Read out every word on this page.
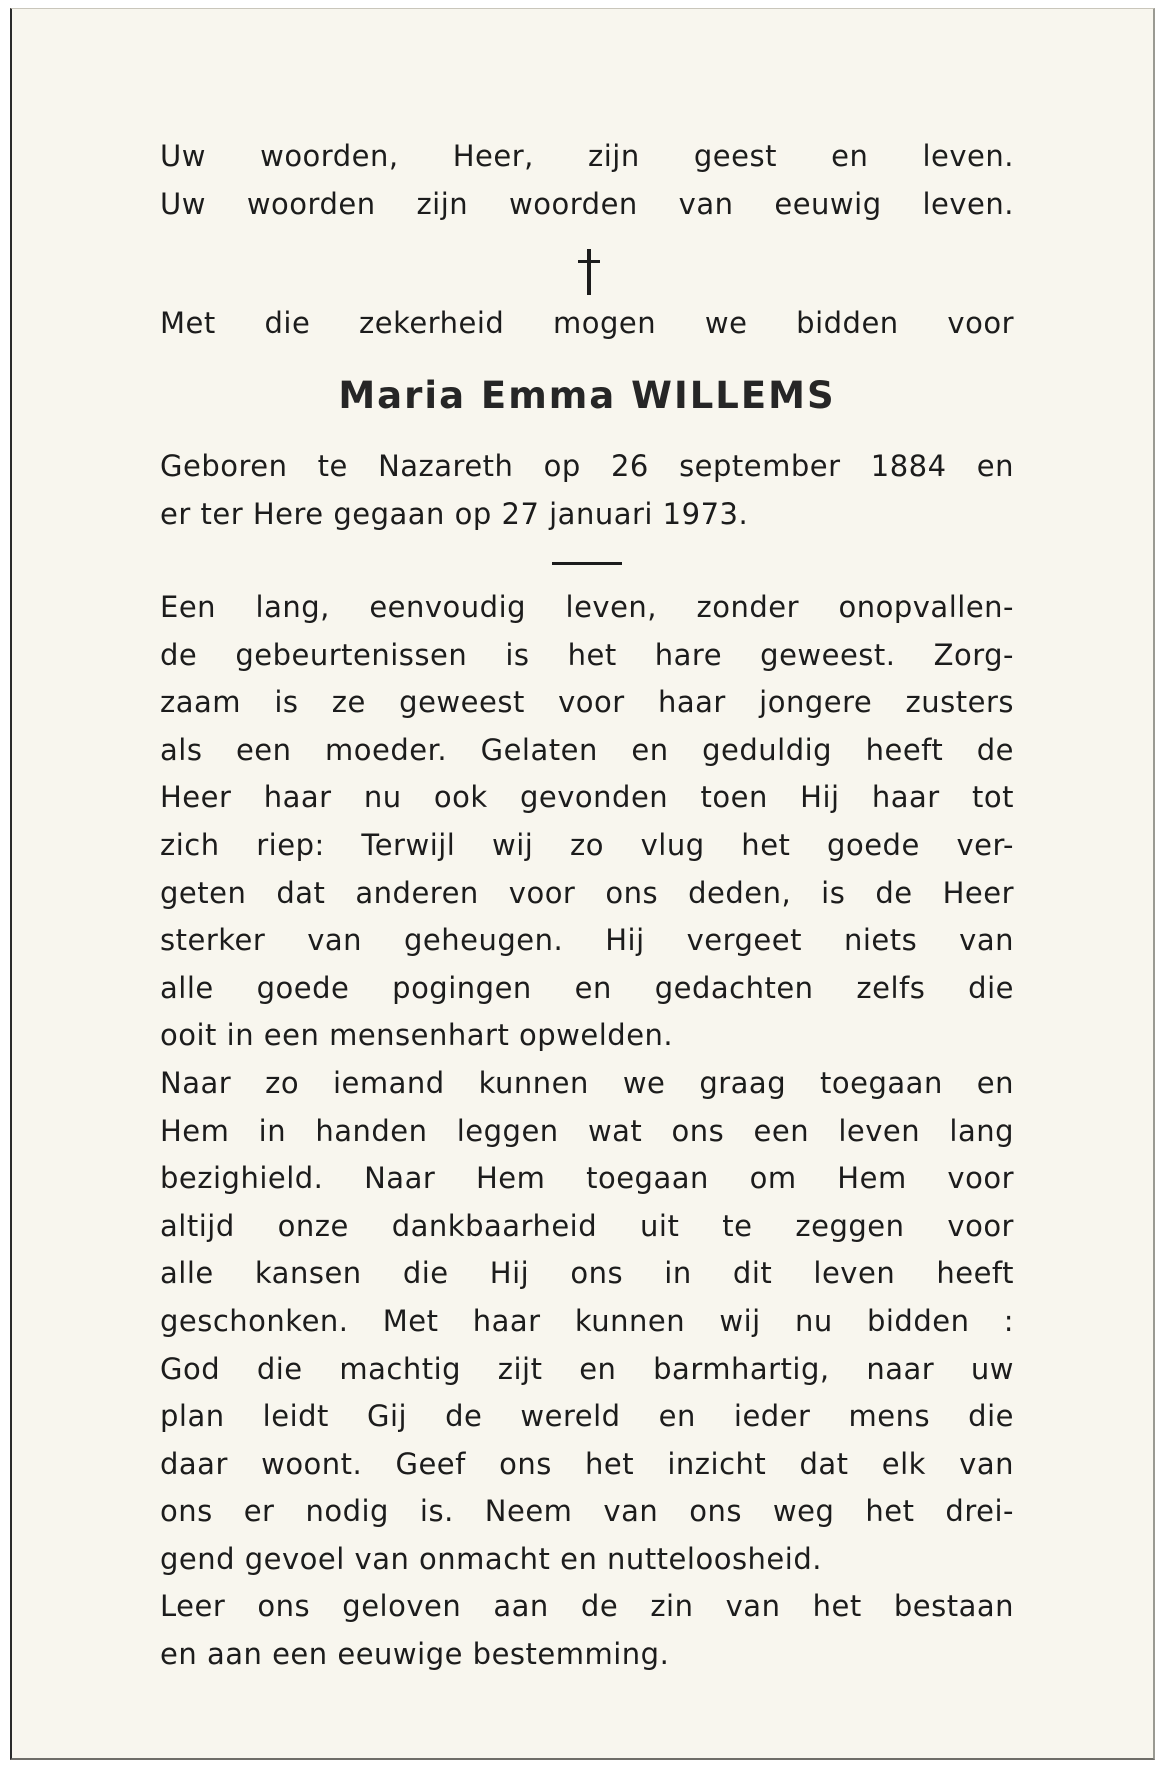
Uw woorden, Heer, zijn geest en leven.
Uw woorden zijn woorden van eeuwig leven.
Met die zekerheid mogen we bidden voor
Maria Emma WILLEMS
Geboren te Nazareth op 26 september 1884 en
er ter Here gegaan op 27 januari 1973.
Een lang, eenvoudig leven, zonder onopvallen-
de gebeurtenissen is het hare geweest. Zorg-
zaam is ze geweest voor haar jongere zusters
als een moeder. Gelaten en geduldig heeft de
Heer haar nu ook gevonden toen Hij haar tot
zich riep: Terwijl wij zo vlug het goede ver-
geten dat anderen voor ons deden, is de Heer
sterker van geheugen. Hij vergeet niets van
alle goede pogingen en gedachten zelfs die
ooit in een mensenhart opwelden.
Naar zo iemand kunnen we graag toegaan en
Hem in handen leggen wat ons een leven lang
bezighield. Naar Hem toegaan om Hem voor
altijd onze dankbaarheid uit te zeggen voor
alle kansen die Hij ons in dit leven heeft
geschonken. Met haar kunnen wij nu bidden :
God die machtig zijt en barmhartig, naar uw
plan leidt Gij de wereld en ieder mens die
daar woont. Geef ons het inzicht dat elk van
ons er nodig is. Neem van ons weg het drei-
gend gevoel van onmacht en nutteloosheid.
Leer ons geloven aan de zin van het bestaan
en aan een eeuwige bestemming.
